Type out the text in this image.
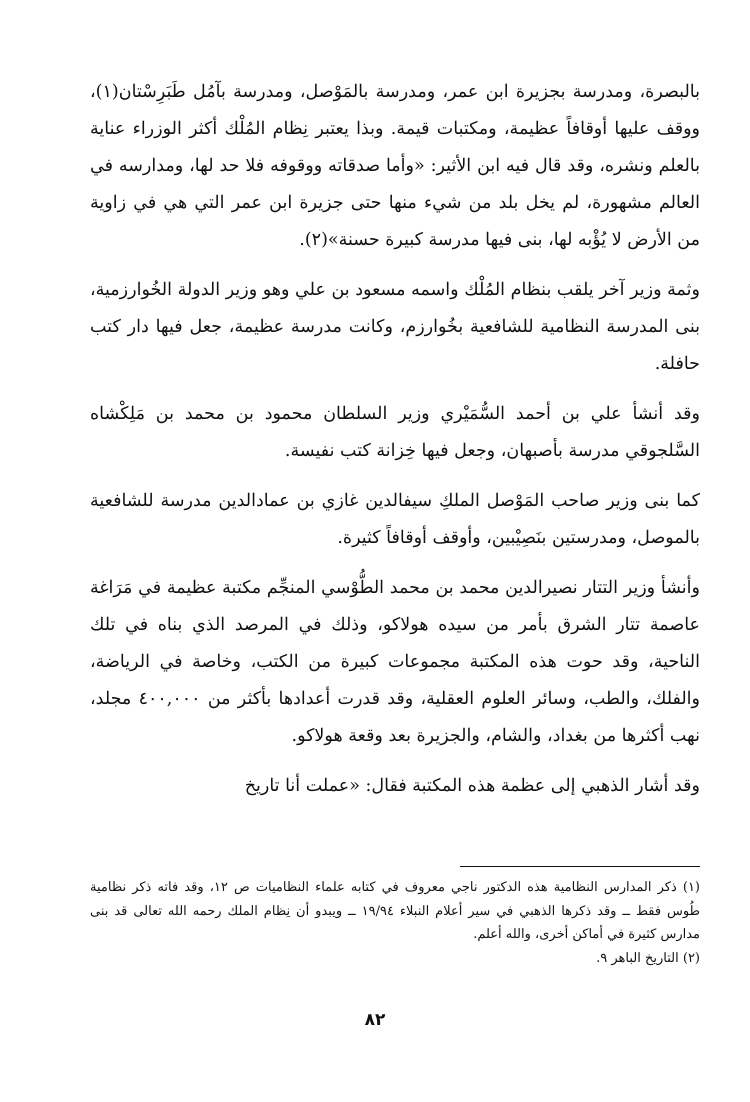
بالبصرة، ومدرسة بجزيرة ابن عمر، ومدرسة بالمَوْصل، ومدرسة بآمُل طَبَرِسْتان(١)، ووقف عليها أوقافاً عظيمة، ومكتبات قيمة. وبذا يعتبر نِظام المُلْك أكثر الوزراء عناية بالعلم ونشره، وقد قال فيه ابن الأثير: «وأما صدقاته ووقوفه فلا حد لها، ومدارسه في العالم مشهورة، لم يخل بلد من شيء منها حتى جزيرة ابن عمر التي هي في زاوية من الأرض لا يُؤْبه لها، بنى فيها مدرسة كبيرة حسنة»(٢).

وثمة وزير آخر يلقب بنظام المُلْك واسمه مسعود بن علي وهو وزير الدولة الخُوارزمية، بنى المدرسة النظامية للشافعية بخُوارزم، وكانت مدرسة عظيمة، جعل فيها دار كتب حافلة.

وقد أنشأ علي بن أحمد السُّمَيْري وزير السلطان محمود بن محمد بن مَلِكْشاه السَّلجوقي مدرسة بأصبهان، وجعل فيها خِزانة كتب نفيسة.

كما بنى وزير صاحب المَوْصل الملكِ سيفالدين غازي بن عمادالدين مدرسة للشافعية بالموصل، ومدرستين بنَصِيْبين، وأوقف أوقافاً كثيرة.

وأنشأ وزير التتار نصيرالدين محمد بن محمد الطُّوْسي المنجِّم مكتبة عظيمة في مَرَاغة عاصمة تتار الشرق بأمر من سيده هولاكو، وذلك في المرصد الذي بناه في تلك الناحية، وقد حوت هذه المكتبة مجموعات كبيرة من الكتب، وخاصة في الرياضة، والفلك، والطب، وسائر العلوم العقلية، وقد قدرت أعدادها بأكثر من ٤٠٠,٠٠٠ مجلد، نهب أكثرها من بغداد، والشام، والجزيرة بعد وقعة هولاكو.

وقد أشار الذهبي إلى عظمة هذه المكتبة فقال: «عملت أنا تاريخ

(١) ذكر المدارس النظامية هذه الدكتور ناجي معروف في كتابه علماء النظاميات ص ١٢، وقد فاته ذكر نظامية طُوس فقط ــ وقد ذكرها الذهبي في سير أعلام النبلاء ١٩/٩٤ ــ ويبدو أن نِظام الملك رحمه الله تعالى قد بنى مدارس كثيرة في أماكن أخرى، والله أعلم.

(٢) التاريخ الباهر ٩.

٨٢
